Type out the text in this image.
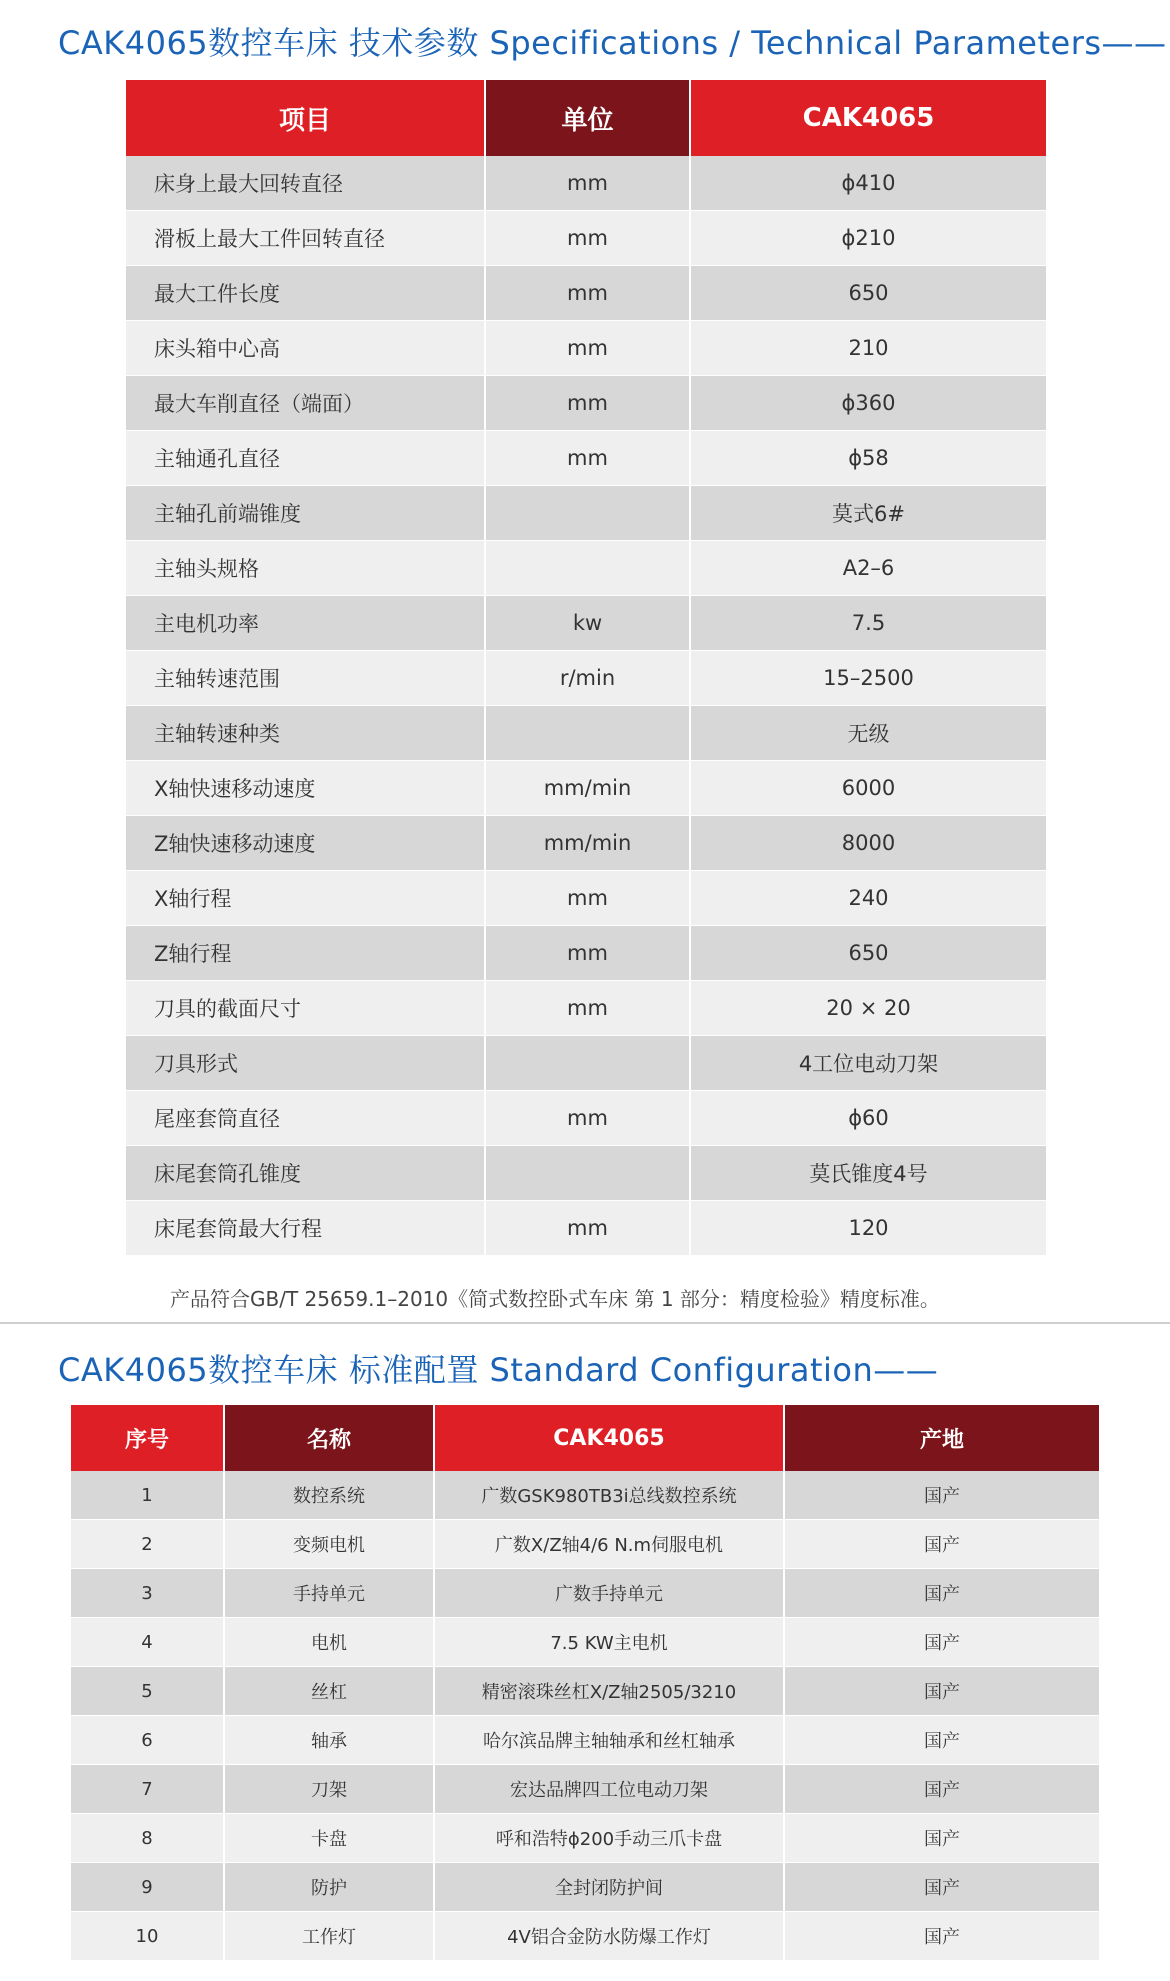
CAK4065数控车床 技术参数 Specifications / Technical Parameters——
项目	单位	CAK4065
床身上最大回转直径	mm	ϕ410
滑板上最大工件回转直径	mm	ϕ210
最大工件长度	mm	650
床头箱中心高	mm	210
最大车削直径（端面）	mm	ϕ360
主轴通孔直径	mm	ϕ58
主轴孔前端锥度		莫式6#
主轴头规格		A2–6
主电机功率	kw	7.5
主轴转速范围	r/min	15–2500
主轴转速种类		无级
X轴快速移动速度	mm/min	6000
Z轴快速移动速度	mm/min	8000
X轴行程	mm	240
Z轴行程	mm	650
刀具的截面尺寸	mm	20 × 20
刀具形式		4工位电动刀架
尾座套筒直径	mm	ϕ60
床尾套筒孔锥度		莫氏锥度4号
床尾套筒最大行程	mm	120
产品符合GB/T 25659.1–2010《简式数控卧式车床 第 1 部分：精度检验》精度标准。
CAK4065数控车床 标准配置 Standard Configuration——
序号	名称	CAK4065	产地
1	数控系统	广数GSK980TB3i总线数控系统	国产
2	变频电机	广数X/Z轴4/6 N.m伺服电机	国产
3	手持单元	广数手持单元	国产
4	电机	7.5 KW主电机	国产
5	丝杠	精密滚珠丝杠X/Z轴2505/3210	国产
6	轴承	哈尔滨品牌主轴轴承和丝杠轴承	国产
7	刀架	宏达品牌四工位电动刀架	国产
8	卡盘	呼和浩特ϕ200手动三爪卡盘	国产
9	防护	全封闭防护间	国产
10	工作灯	4V铝合金防水防爆工作灯	国产
